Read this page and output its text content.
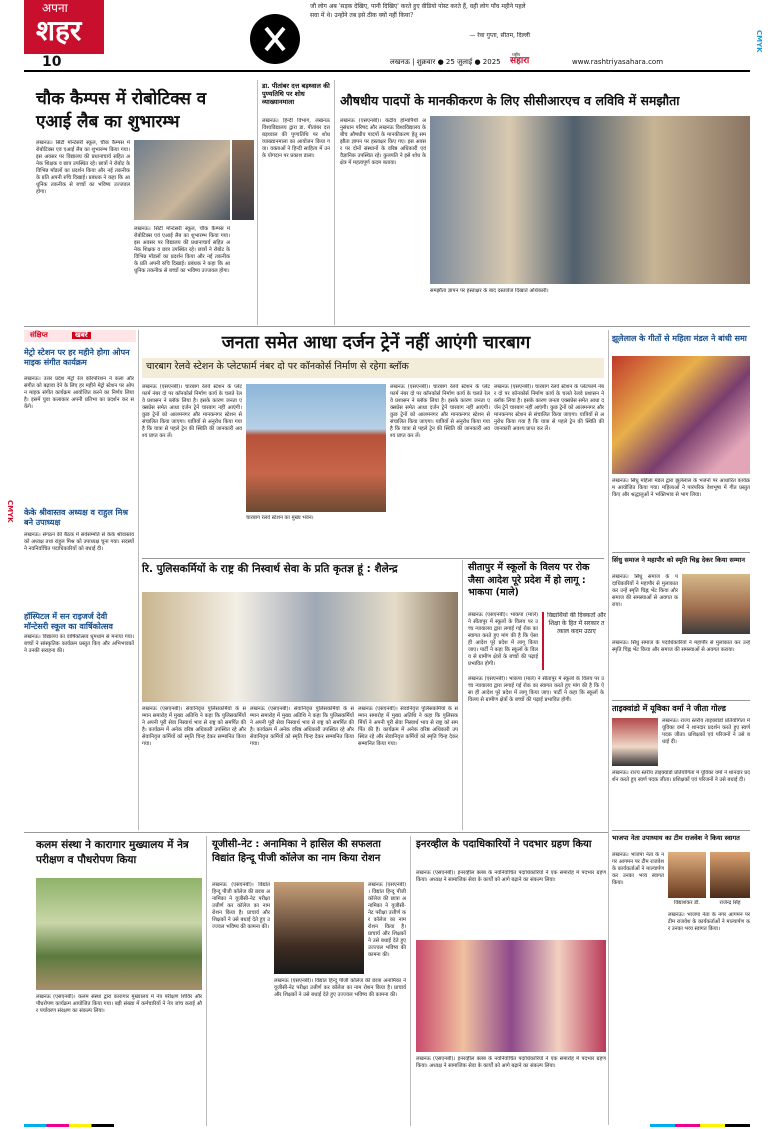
अपना
शहर
जौ लोग अब 'सड़क देखिए, पानी दिखिए' करते हुए वीडियो पोस्ट करते हैं, वही लोग पाँच महीने पहले सवा में थे। उन्होंने तब इसे ठीक क्यों नहीं किया?
— रेवा गुप्ता, सीतम, दिल्ली
10	लखनऊ | शुक्रवार ● 25 जुलाई ● 2025
राष्ट्रीय
सहारा	www.rashtriyasahara.com
CMYK
CMYK
चौक कैम्पस में रोबोटिक्स व एआई लैब का शुभारम्भ
लखनऊ। सिटी मोन्टेसरी स्कूल, चौक कैम्पस में रोबोटिक्स एवं एआई लैब का शुभारम्भ किया गया। इस अवसर पर विद्यालय की प्रधानाचार्य सहित अनेक शिक्षक व छात्र उपस्थित रहे। छात्रों ने रोबोट के विभिन्न मॉडलों का प्रदर्शन किया और नई तकनीक के प्रति अपनी रुचि दिखाई। प्रबंधक ने कहा कि आधुनिक तकनीक से बच्चों का भविष्य उज्जवल होगा।
लखनऊ। सिटी मोन्टेसरी स्कूल, चौक कैम्पस में रोबोटिक्स एवं एआई लैब का शुभारम्भ किया गया। इस अवसर पर विद्यालय की प्रधानाचार्य सहित अनेक शिक्षक व छात्र उपस्थित रहे। छात्रों ने रोबोट के विभिन्न मॉडलों का प्रदर्शन किया और नई तकनीक के प्रति अपनी रुचि दिखाई। प्रबंधक ने कहा कि आधुनिक तकनीक से बच्चों का भविष्य उज्जवल होगा।
डा. पीतांबर दत्त बड़थ्वाल की पुण्यतिथि पर शोध व्याख्यानमाला
लखनऊ। हिन्दी विभाग, लखनऊ विश्वविद्यालय द्वारा डा. पीतांबर दत्त बड़थ्वाल की पुण्यतिथि पर शोध व्याख्यानमाला का आयोजन किया गया। वक्ताओं ने हिन्दी साहित्य में उनके योगदान पर प्रकाश डाला।
औषधीय पादपों के मानकीकरण के लिए सीसीआरएच व लविवि में समझौता
लखनऊ (एसएनबी)। केंद्रीय होम्योपैथी अनुसंधान परिषद और लखनऊ विश्वविद्यालय के बीच औषधीय पादपों के मानकीकरण हेतु समझौता ज्ञापन पर हस्ताक्षर किए गए। इस अवसर पर दोनों संस्थानों के वरिष्ठ अधिकारी एवं वैज्ञानिक उपस्थित रहे। कुलपति ने इसे शोध के क्षेत्र में महत्वपूर्ण कदम बताया।
समझौता ज्ञापन पर हस्ताक्षर के बाद दस्तावेज दिखाते अधिकारी।
संक्षिप्त	खबरें
मेट्रो स्टेशन पर हर महीने होगा ओपन माइक संगीत कार्यक्रम
लखनऊ। उत्तर प्रदेश मेट्रो रेल कॉरपोरेशन ने कला और संगीत को बढ़ावा देने के लिए हर महीने मेट्रो स्टेशन पर ओपन माइक संगीत कार्यक्रम आयोजित करने का निर्णय लिया है। इसमें युवा कलाकार अपनी प्रतिभा का प्रदर्शन कर सकेंगे।
केके श्रीवास्तव अध्यक्ष व राहुल मिश्र बने उपाध्यक्ष
लखनऊ। संगठन की बैठक में सर्वसम्मति से केके श्रीवास्तव को अध्यक्ष तथा राहुल मिश्र को उपाध्यक्ष चुना गया। सदस्यों ने नवनिर्वाचित पदाधिकारियों को बधाई दी।
हॉस्पिटल में सन राइजर्ज देवी मॉन्टेसरी स्कूल का वार्षिकोत्सव
लखनऊ। विद्यालय का वार्षिकोत्सव धूमधाम से मनाया गया। बच्चों ने सांस्कृतिक कार्यक्रम प्रस्तुत किए और अभिभावकों ने उनकी सराहना की।
जनता समेत आधा दर्जन ट्रेनें नहीं आएंगी चारबाग
चारबाग रेलवे स्टेशन के प्लेटफार्म नंबर दो पर कॉनकोर्स निर्माण से रहेगा ब्लॉक
लखनऊ (एसएनबी)। चारबाग रेलवे स्टेशन के प्लेटफार्म नंबर दो पर कॉनकोर्स निर्माण कार्य के चलते रेलवे प्रशासन ने ब्लॉक लिया है। इसके कारण जनता एक्सप्रेस समेत आधा दर्जन ट्रेनें चारबाग नहीं आएंगी। कुछ ट्रेनों को आलमनगर और मानकनगर स्टेशन से संचालित किया जाएगा। यात्रियों से अनुरोध किया गया है कि यात्रा से पहले ट्रेन की स्थिति की जानकारी अवश्य प्राप्त कर लें।
चारबाग रेलवे स्टेशन का मुख्य भवन।
लखनऊ (एसएनबी)। चारबाग रेलवे स्टेशन के प्लेटफार्म नंबर दो पर कॉनकोर्स निर्माण कार्य के चलते रेलवे प्रशासन ने ब्लॉक लिया है। इसके कारण जनता एक्सप्रेस समेत आधा दर्जन ट्रेनें चारबाग नहीं आएंगी। कुछ ट्रेनों को आलमनगर और मानकनगर स्टेशन से संचालित किया जाएगा। यात्रियों से अनुरोध किया गया है कि यात्रा से पहले ट्रेन की स्थिति की जानकारी अवश्य प्राप्त कर लें।
लखनऊ (एसएनबी)। चारबाग रेलवे स्टेशन के प्लेटफार्म नंबर दो पर कॉनकोर्स निर्माण कार्य के चलते रेलवे प्रशासन ने ब्लॉक लिया है। इसके कारण जनता एक्सप्रेस समेत आधा दर्जन ट्रेनें चारबाग नहीं आएंगी। कुछ ट्रेनों को आलमनगर और मानकनगर स्टेशन से संचालित किया जाएगा। यात्रियों से अनुरोध किया गया है कि यात्रा से पहले ट्रेन की स्थिति की जानकारी अवश्य प्राप्त कर लें।
रि. पुलिसकर्मियों के राष्ट्र की निस्वार्थ सेवा के प्रति कृतज्ञ हूं : शैलेन्द्र
लखनऊ (एसएनबी)। सेवानिवृत्त पुलिसकर्मियों के सम्मान समारोह में मुख्य अतिथि ने कहा कि पुलिसकर्मियों ने अपनी पूरी सेवा निस्वार्थ भाव से राष्ट्र को समर्पित की है। कार्यक्रम में अनेक वरिष्ठ अधिकारी उपस्थित रहे और सेवानिवृत्त कर्मियों को स्मृति चिन्ह देकर सम्मानित किया गया।
लखनऊ (एसएनबी)। सेवानिवृत्त पुलिसकर्मियों के सम्मान समारोह में मुख्य अतिथि ने कहा कि पुलिसकर्मियों ने अपनी पूरी सेवा निस्वार्थ भाव से राष्ट्र को समर्पित की है। कार्यक्रम में अनेक वरिष्ठ अधिकारी उपस्थित रहे और सेवानिवृत्त कर्मियों को स्मृति चिन्ह देकर सम्मानित किया गया।
लखनऊ (एसएनबी)। सेवानिवृत्त पुलिसकर्मियों के सम्मान समारोह में मुख्य अतिथि ने कहा कि पुलिसकर्मियों ने अपनी पूरी सेवा निस्वार्थ भाव से राष्ट्र को समर्पित की है। कार्यक्रम में अनेक वरिष्ठ अधिकारी उपस्थित रहे और सेवानिवृत्त कर्मियों को स्मृति चिन्ह देकर सम्मानित किया गया।
सीतापुर में स्कूलों के विलय पर रोक जैसा आदेश पूरे प्रदेश में हो लागू : भाकपा (माले)
लखनऊ (एसएनबी)। भाकपा (माले) ने सीतापुर में स्कूलों के विलय पर उच्च न्यायालय द्वारा लगाई गई रोक का स्वागत करते हुए मांग की है कि ऐसा ही आदेश पूरे प्रदेश में लागू किया जाए। पार्टी ने कहा कि स्कूलों के विलय से ग्रामीण क्षेत्रों के बच्चों की पढ़ाई प्रभावित होगी।
विद्यार्थियों की दिक्कतों और शिक्षा के हित में सरकार तत्काल कदम उठाए
लखनऊ (एसएनबी)। भाकपा (माले) ने सीतापुर में स्कूलों के विलय पर उच्च न्यायालय द्वारा लगाई गई रोक का स्वागत करते हुए मांग की है कि ऐसा ही आदेश पूरे प्रदेश में लागू किया जाए। पार्टी ने कहा कि स्कूलों के विलय से ग्रामीण क्षेत्रों के बच्चों की पढ़ाई प्रभावित होगी।
झूलेलाल के गीतों से महिला मंडल ने बांधी समा
लखनऊ। सिंधु महिला मंडल द्वारा झूलेलाल के भजनों पर आधारित कार्यक्रम आयोजित किया गया। महिलाओं ने पारंपरिक वेशभूषा में गीत प्रस्तुत किए और श्रद्धालुओं ने भक्तिभाव से भाग लिया।
सिंधु समाज ने महापौर को स्मृति चिह्न देकर किया सम्मान
लखनऊ। सिंधु समाज के पदाधिकारियों ने महापौर से मुलाकात कर उन्हें स्मृति चिह्न भेंट किया और समाज की समस्याओं से अवगत कराया।
लखनऊ। सिंधु समाज के पदाधिकारियों ने महापौर से मुलाकात कर उन्हें स्मृति चिह्न भेंट किया और समाज की समस्याओं से अवगत कराया।
ताइक्वांडो में यूविका वर्मा ने जीता गोल्ड
लखनऊ। राज्य स्तरीय ताइक्वांडो प्रतियोगिता में यूविका वर्मा ने शानदार प्रदर्शन करते हुए स्वर्ण पदक जीता। प्रशिक्षकों एवं परिजनों ने उसे बधाई दी।
लखनऊ। राज्य स्तरीय ताइक्वांडो प्रतियोगिता में यूविका वर्मा ने शानदार प्रदर्शन करते हुए स्वर्ण पदक जीता। प्रशिक्षकों एवं परिजनों ने उसे बधाई दी।
भाजपा नेता उपाध्याय का टीम राजवेश ने किया स्वागत
लखनऊ। भाजपा नेता के नगर आगमन पर टीम राजवेश के कार्यकर्ताओं ने माल्यार्पण कर उनका भव्य स्वागत किया।
विद्याशंकर डी.	राजेन्द्र सिंह
लखनऊ। भाजपा नेता के नगर आगमन पर टीम राजवेश के कार्यकर्ताओं ने माल्यार्पण कर उनका भव्य स्वागत किया।
कलम संस्था ने कारागार मुख्यालय में नेत्र परीक्षण व पौधरोपण किया
लखनऊ (एसएनबी)। कलम संस्था द्वारा कारागार मुख्यालय में नेत्र परीक्षण शिविर और पौधरोपण कार्यक्रम आयोजित किया गया। बड़ी संख्या में कर्मचारियों ने नेत्र जांच कराई और पर्यावरण संरक्षण का संकल्प लिया।
यूजीसी-नेट : अनामिका ने हासिल की सफलता विद्यांत हिन्दू पीजी कॉलेज का नाम किया रोशन
लखनऊ (एसएनबी)। विद्यांत हिन्दू पीजी कॉलेज की छात्रा अनामिका ने यूजीसी-नेट परीक्षा उत्तीर्ण कर कॉलेज का नाम रोशन किया है। प्राचार्य और शिक्षकों ने उसे बधाई देते हुए उज्ज्वल भविष्य की कामना की।
लखनऊ (एसएनबी)। विद्यांत हिन्दू पीजी कॉलेज की छात्रा अनामिका ने यूजीसी-नेट परीक्षा उत्तीर्ण कर कॉलेज का नाम रोशन किया है। प्राचार्य और शिक्षकों ने उसे बधाई देते हुए उज्ज्वल भविष्य की कामना की।
लखनऊ (एसएनबी)। विद्यांत हिन्दू पीजी कॉलेज की छात्रा अनामिका ने यूजीसी-नेट परीक्षा उत्तीर्ण कर कॉलेज का नाम रोशन किया है। प्राचार्य और शिक्षकों ने उसे बधाई देते हुए उज्ज्वल भविष्य की कामना की।
इनरव्हील के पदाधिकारियों ने पदभार ग्रहण किया
लखनऊ (एसएनबी)। इनरव्हील क्लब के नवनिर्वाचित पदाधिकारियों ने एक समारोह में पदभार ग्रहण किया। अध्यक्ष ने सामाजिक सेवा के कार्यों को आगे बढ़ाने का संकल्प लिया।
लखनऊ (एसएनबी)। इनरव्हील क्लब के नवनिर्वाचित पदाधिकारियों ने एक समारोह में पदभार ग्रहण किया। अध्यक्ष ने सामाजिक सेवा के कार्यों को आगे बढ़ाने का संकल्प लिया।
